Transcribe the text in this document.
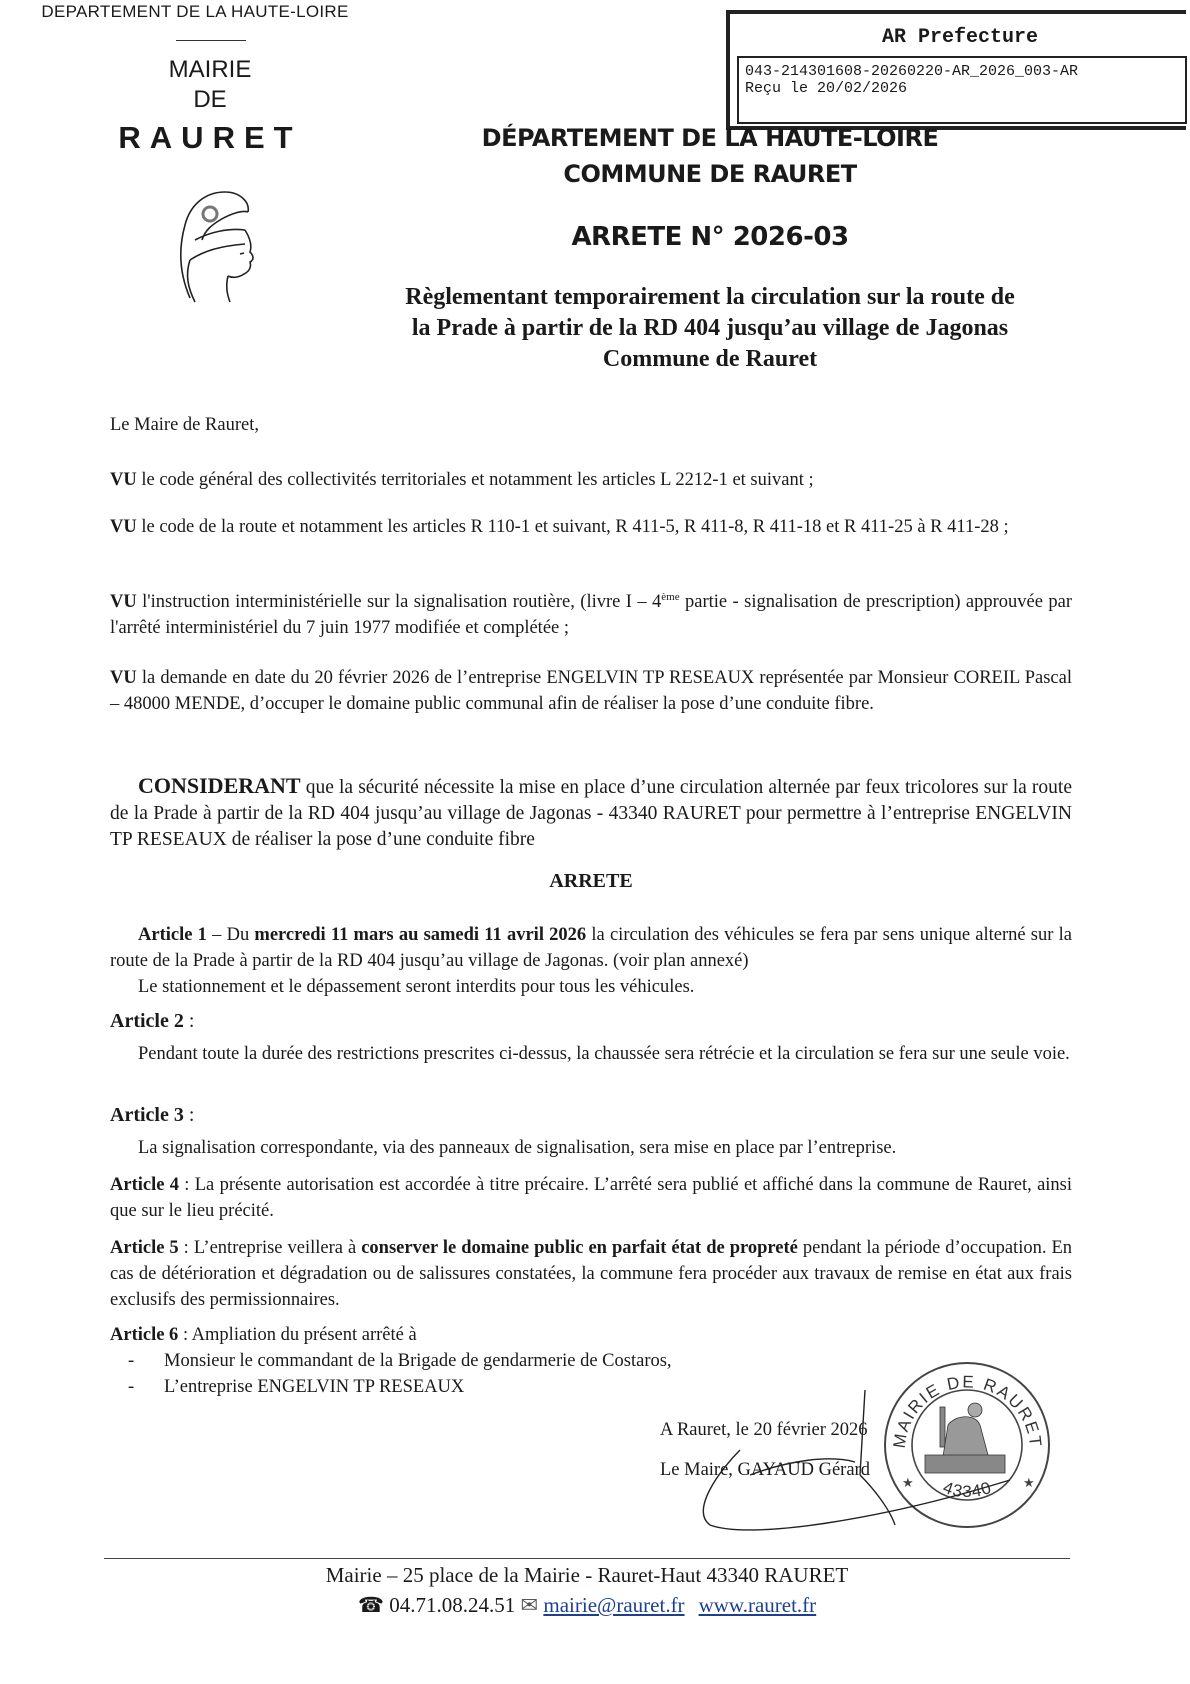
DEPARTEMENT DE LA HAUTE-LOIRE
MAIRIE
DE
RAURET
AR Prefecture
043-214301608-20260220-AR_2026_003-AR
Reçu le 20/02/2026
DÉPARTEMENT DE LA HAUTE-LOIRE
COMMUNE DE RAURET
ARRETE N° 2026-03
Règlementant temporairement la circulation sur la route de
la Prade à partir de la RD 404 jusqu’au village de Jagonas
Commune de Rauret
Le Maire de Rauret,
VU le code général des collectivités territoriales et notamment les articles L 2212-1 et suivant ;
VU le code de la route et notamment les articles R 110-1 et suivant, R 411-5, R 411-8, R 411-18 et R 411-25 à R 411-28 ;
VU l'instruction interministérielle sur la signalisation routière, (livre I – 4ème partie - signalisation de prescription) approuvée par l'arrêté interministériel du 7 juin 1977 modifiée et complétée ;
VU la demande en date du 20 février 2026 de l’entreprise ENGELVIN TP RESEAUX représentée par Monsieur COREIL Pascal – 48000 MENDE, d’occuper le domaine public communal afin de réaliser la pose d’une conduite fibre.
CONSIDERANT que la sécurité nécessite la mise en place d’une circulation alternée par feux tricolores sur la route de la Prade à partir de la RD 404 jusqu’au village de Jagonas - 43340 RAURET pour permettre à l’entreprise ENGELVIN TP RESEAUX de réaliser la pose d’une conduite fibre
ARRETE
Article 1 – Du mercredi 11 mars au samedi 11 avril 2026 la circulation des véhicules se fera par sens unique alterné sur la route de la Prade à partir de la RD 404 jusqu’au village de Jagonas. (voir plan annexé)
Le stationnement et le dépassement seront interdits pour tous les véhicules.
Article 2 :
Pendant toute la durée des restrictions prescrites ci-dessus, la chaussée sera rétrécie et la circulation se fera sur une seule voie.
Article 3 :
La signalisation correspondante, via des panneaux de signalisation, sera mise en place par l’entreprise.
Article 4 : La présente autorisation est accordée à titre précaire. L’arrêté sera publié et affiché dans la commune de Rauret, ainsi que sur le lieu précité.
Article 5 : L’entreprise veillera à conserver le domaine public en parfait état de propreté pendant la période d’occupation. En cas de détérioration et dégradation ou de salissures constatées, la commune fera procéder aux travaux de remise en état aux frais exclusifs des permissionnaires.
Article 6 : Ampliation du présent arrêté à
-	Monsieur le commandant de la Brigade de gendarmerie de Costaros,
-	L’entreprise ENGELVIN TP RESEAUX
A Rauret, le 20 février 2026
Le Maire, GAYAUD Gérard
MAIRIE DE RAURET
43340
★	★
Mairie – 25 place de la Mairie - Rauret-Haut 43340 RAURET
☎ 04.71.08.24.51 ✉ mairie@rauret.fr www.rauret.fr
